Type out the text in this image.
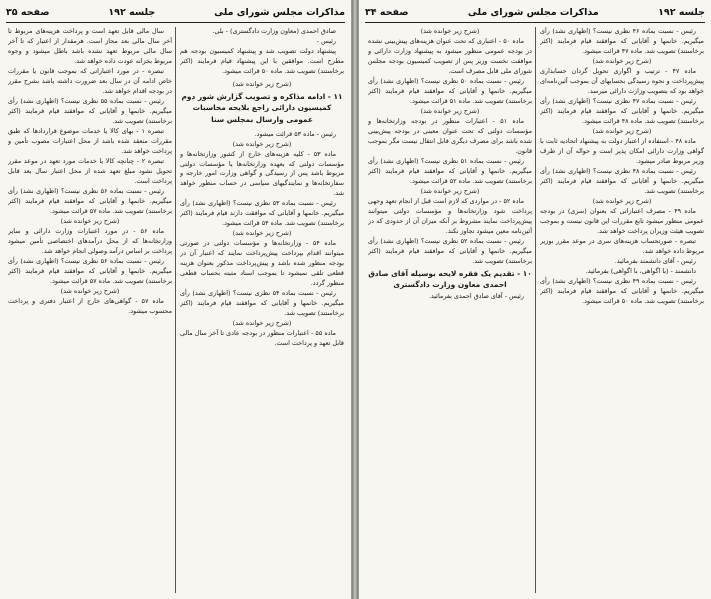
مذاکرات مجلس شورای ملی
جلسه ۱۹۲
صفحه ۳۵
صادق احمدی (معاون وزارت دادگستری) - بلی.
رئیس -
پیشنهاد دولت تصویب شد و پیشنهاد کمیسیون بودجه هم مطرح است. موافقین با این پیشنهاد قیام فرمایند (اکثر برخاستند) تصویب شد. ماده ۵۰ قرائت میشود.
(شرح زیر خوانده شد)
۱۱ - ادامه مذاکره و تصویب گزارش شور دوم کمیسیون دارائی راجع بلایحه محاسبات عمومی وارسال بمجلس سنا
رئیس - ماده ۵۳ قرائت میشود.
(شرح زیر خوانده شد)
ماده ۵۳ - کلیه هزینه‌های خارج از کشور وزارتخانه‌ها و مؤسسات دولتی که بعهده وزارتخانه‌ها یا مؤسسات دولتی مربوط باشد پس از رسیدگی و گواهی وزارت امور خارجه و سفارتخانه‌ها و نمایندگیهای سیاسی در حساب منظور خواهد شد.
رئیس - نسبت بماده ۵۳ نظری نیست؟ (اظهاری نشد) رأی میگیریم. خانمها و آقایانی که موافقت دارند قیام فرمایند (اکثر برخاستند) تصویب شد. ماده ۵۴ قرائت میشود.
(شرح زیر خوانده شد)
ماده ۵۴ - وزارتخانه‌ها و مؤسسات دولتی در صورتی میتوانند اقدام بپرداخت پیش‌پرداخت نمایند که اعتبار آن در بودجه منظور شده باشد و پیش‌پرداخت مذکور بعنوان هزینه قطعی تلقی نمیشود تا بموجب اسناد مثبته بحساب قطعی منظور گردد.
رئیس - نسبت بماده ۵۴ نظری نیست؟ (اظهاری نشد) رأی میگیریم. خانمها و آقایانی که موافقند قیام فرمایند (اکثر برخاستند) تصویب شد.
(شرح زیر خوانده شد)
ماده ۵۵ - اعتبارات منظور در بودجه عادی تا آخر سال مالی قابل تعهد و پرداخت است.
سال مالی قابل تعهد است و پرداخت هزینه‌های مربوط تا آخر سال مالی بعد مجاز است. هرمقدار از اعتبار که تا آخر سال مالی مربوط تعهد نشده باشد باطل میشود و وجوه مربوط بخزانه عودت داده خواهد شد.
تبصره - در مورد اعتباراتی که بموجب قانون یا مقررات خاص ادامه آن در سال بعد ضرورت داشته باشد بشرح مقرر در بودجه اقدام خواهد شد.
رئیس - نسبت بماده ۵۵ نظری نیست؟ (اظهاری نشد) رأی میگیریم. خانمها و آقایانی که موافقند قیام فرمایند (اکثر برخاستند) تصویب شد.
تبصره ۱ - بهای کالا یا خدمات موضوع قراردادها که طبق مقررات منعقد شده باشد از محل اعتبارات مصوب تأمین و پرداخت خواهد شد.
تبصره ۲ - چنانچه کالا یا خدمات مورد تعهد در موعد مقرر تحویل نشود مبلغ تعهد شده از محل اعتبار سال بعد قابل پرداخت است.
رئیس - نسبت بماده ۵۶ نظری نیست؟ (اظهاری نشد) رأی میگیریم. خانمها و آقایانی که موافقند قیام فرمایند (اکثر برخاستند) تصویب شد. ماده ۵۷ قرائت میشود.
(شرح زیر خوانده شد)
ماده ۵۶ - در مورد اعتبارات وزارت دارائی و سایر وزارتخانه‌ها که از محل درآمدهای اختصاصی تأمین میشود پرداخت بر اساس درآمد وصولی انجام خواهد شد.
رئیس - نسبت بماده ۵۶ نظری نیست؟ (اظهاری نشد) رأی میگیریم. خانمها و آقایانی که موافقند قیام فرمایند (اکثر برخاستند) تصویب شد. ماده ۵۷ قرائت میشود.
(شرح زیر خوانده شد)
ماده ۵۷ - گواهی‌های خارج از اعتبار دفتری و پرداخت محسوب میشود.
جلسه ۱۹۲
مذاکرات مجلس شورای ملی
صفحه ۳۴
رئیس - نسبت بماده ۴۶ نظری نیست؟ (اظهاری نشد) رأی میگیریم. خانمها و آقایانی که موافقند قیام فرمایند (اکثر برخاستند) تصویب شد. ماده ۴۷ قرائت میشود.
(شرح زیر خوانده شد)
ماده ۴۷ - ترتیب و اگواری تحویل گردان حسابداری پیش‌پرداخت و نحوه رسیدگی بحسابهای آن بموجب آئین‌نامه‌ای خواهد بود که بتصویب وزارت دارائی میرسد.
رئیس - نسبت بماده ۴۷ نظری نیست؟ (اظهاری نشد) رأی میگیریم. خانمها و آقایانی که موافقند قیام فرمایند (اکثر برخاستند) تصویب شد. ماده ۴۸ قرائت میشود.
(شرح زیر خوانده شد)
ماده ۴۸ - استفاده از اعتبار دولت به پیشنهاد اتحادیه ثابت با گواهی وزارت دارائی امکان پذیر است و حواله آن از طرف وزیر مربوط صادر میشود.
رئیس - نسبت بماده ۴۸ نظری نیست؟ (اظهاری نشد) رأی میگیریم. خانمها و آقایانی که موافقند قیام فرمایند (اکثر برخاستند) تصویب شد.
(شرح زیر خوانده شد)
ماده ۴۹ - مصرف اعتباراتی که بعنوان (سری) در بودجه عمومی منظور میشود تابع مقررات این قانون نیست و بموجب تصویب هیئت وزیران پرداخت خواهد شد.
تبصره - صورتحساب هزینه‌های سری در موعد مقرر بوزیر مربوط داده خواهد شد.
رئیس - آقای دانشمند بفرمائید.
دانشمند - (با اگواهی، با اگواهی) بفرمائید.
رئیس - نسبت بماده ۴۹ نظری نیست؟ (اظهاری نشد) رأی میگیریم. خانمها و آقایانی که موافقند قیام فرمایند (اکثر برخاستند) تصویب شد. ماده ۵۰ قرائت میشود.
(شرح زیر خوانده شد)
ماده ۵۰ - اعتباری که تحت عنوان هزینه‌های پیش‌بینی نشده در بودجه عمومی منظور میشود به پیشنهاد وزارت دارائی و موافقت نخست وزیر پس از تصویب کمیسیون بودجه مجلس شورای ملی قابل مصرف است.
رئیس - نسبت بماده ۵۰ نظری نیست؟ (اظهاری نشد) رأی میگیریم. خانمها و آقایانی که موافقند قیام فرمایند (اکثر برخاستند) تصویب شد. ماده ۵۱ قرائت میشود.
(شرح زیر خوانده شد)
ماده ۵۱ - اعتبارات منظور در بودجه وزارتخانه‌ها و مؤسسات دولتی که تحت عنوان معینی در بودجه پیش‌بینی شده باشد برای مصرف دیگری قابل انتقال نیست مگر بموجب قانون.
رئیس - نسبت بماده ۵۱ نظری نیست؟ (اظهاری نشد) رأی میگیریم. خانمها و آقایانی که موافقند قیام فرمایند (اکثر برخاستند) تصویب شد. ماده ۵۲ قرائت میشود.
(شرح زیر خوانده شد)
ماده ۵۲ - در مواردی که لازم است قبل از انجام تعهد وجهی پرداخت شود وزارتخانه‌ها و مؤسسات دولتی میتوانند پیش‌پرداخت نمایند مشروط بر آنکه میزان آن از حدودی که در آئین‌نامه معین میشود تجاوز نکند.
رئیس - نسبت بماده ۵۲ نظری نیست؟ (اظهاری نشد) رأی میگیریم. خانمها و آقایانی که موافقند قیام فرمایند (اکثر برخاستند) تصویب شد.
۱۰ - تقدیم یک فقره لایحه بوسیله آقای صادق احمدی معاون وزارت دادگستری
رئیس - آقای صادق احمدی بفرمائید.
